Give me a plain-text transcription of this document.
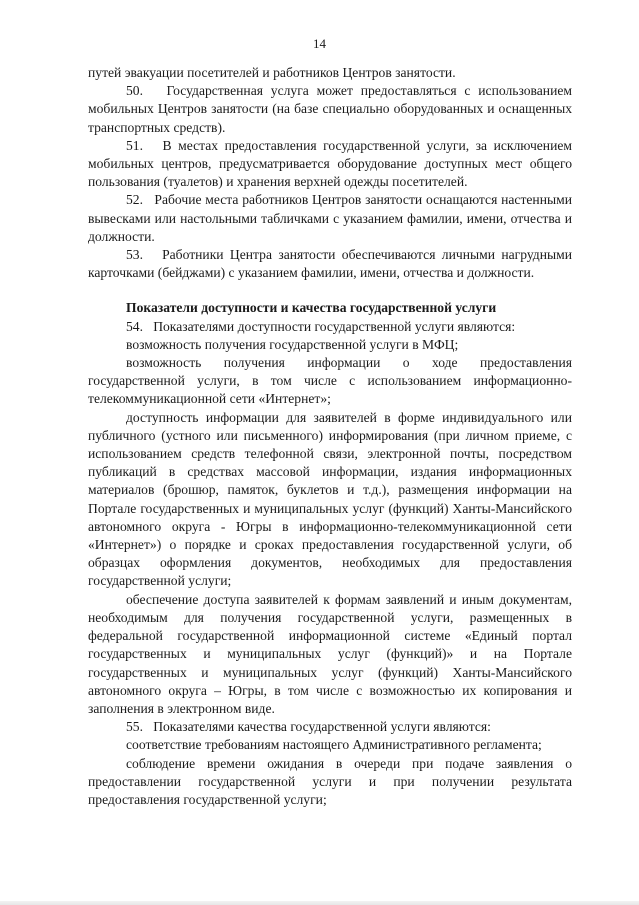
14

путей эвакуации посетителей и работников Центров занятости.

50.   Государственная услуга может предоставляться с использованием мобильных Центров занятости (на базе специально оборудованных и оснащенных транспортных средств).

51.   В местах предоставления государственной услуги, за исключением мобильных центров, предусматривается оборудование доступных мест общего пользования (туалетов) и хранения верхней одежды посетителей.

52.   Рабочие места работников Центров занятости оснащаются настенными вывесками или настольными табличками с указанием фамилии, имени, отчества и должности.

53.   Работники Центра занятости обеспечиваются личными нагрудными карточками (бейджами) с указанием фамилии, имени, отчества и должности.

Показатели доступности и качества государственной услуги

54.   Показателями доступности государственной услуги являются:

возможность получения государственной услуги в МФЦ;

возможность получения информации о ходе предоставления государственной услуги, в том числе с использованием информационно-телекоммуникационной сети «Интернет»;

доступность информации для заявителей в форме индивидуального или публичного (устного или письменного) информирования (при личном приеме, с использованием средств телефонной связи, электронной почты, посредством публикаций в средствах массовой информации, издания информационных материалов (брошюр, памяток, буклетов и т.д.), размещения информации на Портале государственных и муниципальных услуг (функций) Ханты-Мансийского автономного округа - Югры в информационно-телекоммуникационной сети «Интернет») о порядке и сроках предоставления государственной услуги, об образцах оформления документов, необходимых для предоставления государственной услуги;

обеспечение доступа заявителей к формам заявлений и иным документам, необходимым для получения государственной услуги, размещенных в федеральной государственной информационной системе «Единый портал государственных и муниципальных услуг (функций)» и на Портале государственных и муниципальных услуг (функций) Ханты-Мансийского автономного округа – Югры, в том числе с возможностью их копирования и заполнения в электронном виде.

55.   Показателями качества государственной услуги являются:

соответствие требованиям настоящего Административного регламента;

соблюдение времени ожидания в очереди при подаче заявления о предоставлении государственной услуги и при получении результата предоставления государственной услуги;
